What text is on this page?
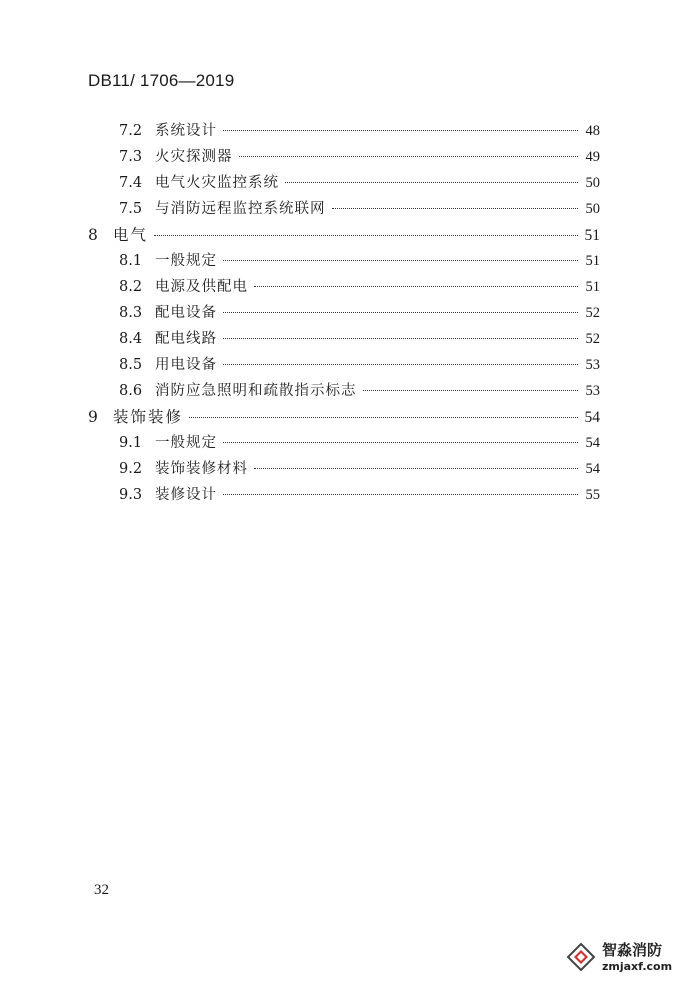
DB11/ 1706—2019
7.2 系统设计	48
7.3 火灾探测器	49
7.4 电气火灾监控系统	50
7.5 与消防远程监控系统联网	50
8 电气	51
8.1 一般规定	51
8.2 电源及供配电	51
8.3 配电设备	52
8.4 配电线路	52
8.5 用电设备	53
8.6 消防应急照明和疏散指示标志	53
9 装饰装修	54
9.1 一般规定	54
9.2 装饰装修材料	54
9.3 装修设计	55
32
智淼消防
zmjaxf.com
